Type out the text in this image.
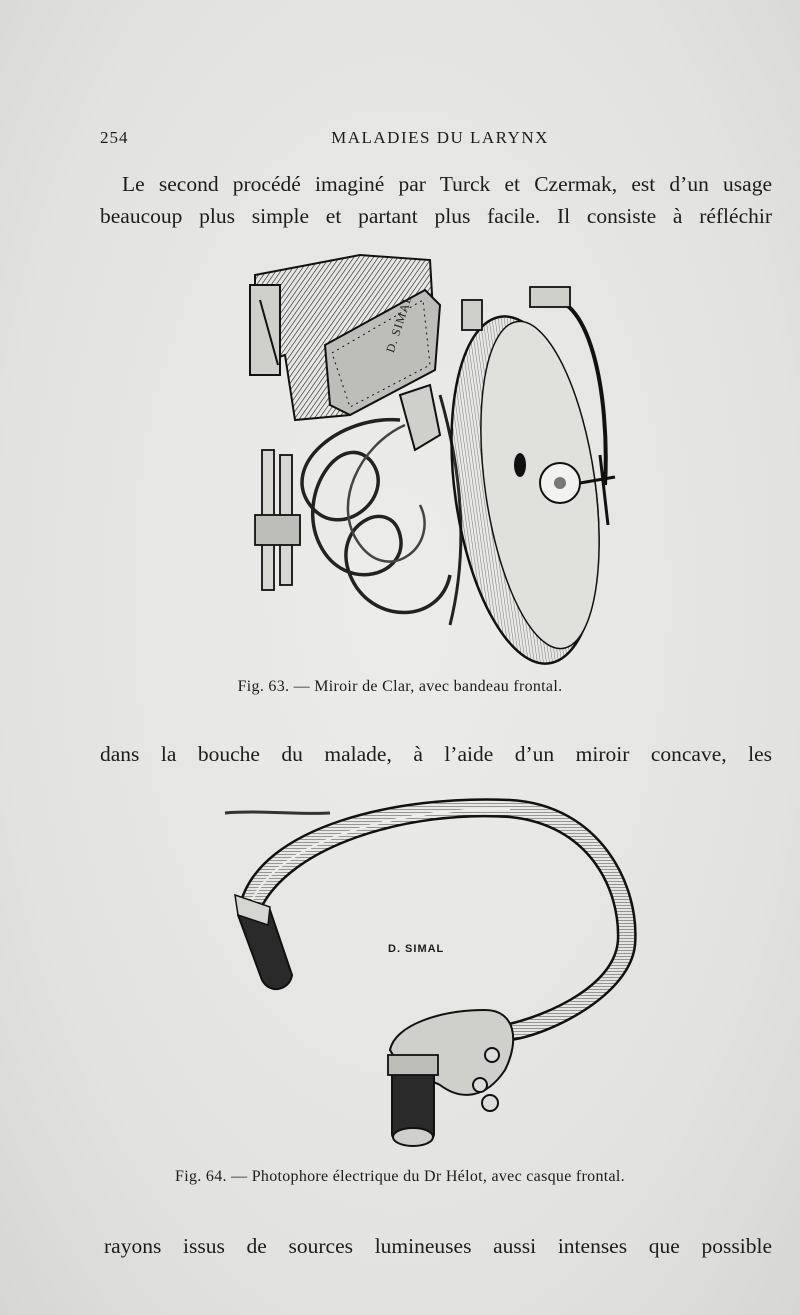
254	MALADIES DU LARYNX
Le second procédé imaginé par Turck et Czermak, est d’un usage
beaucoup plus simple et partant plus facile. Il consiste à réfléchir
D. SIMAL
Fig. 63. — Miroir de Clar, avec bandeau frontal.
dans la bouche du malade, à l’aide d’un miroir concave, les
D. SIMAL
Fig. 64. — Photophore électrique du Dr Hélot, avec casque frontal.
rayons issus de sources lumineuses aussi intenses que possible
